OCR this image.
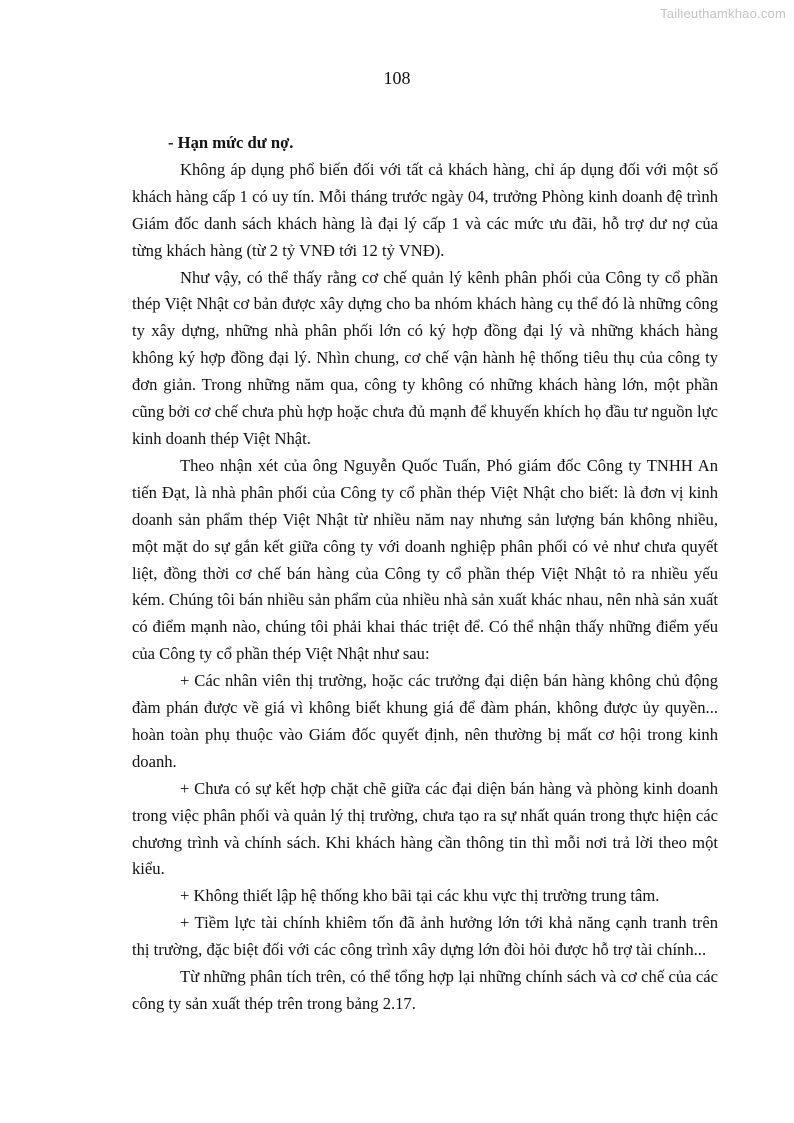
Tailieuthamkhao.com
108

- Hạn mức dư nợ.

Không áp dụng phổ biến đối với tất cả khách hàng, chỉ áp dụng đối với một số khách hàng cấp 1 có uy tín. Mỗi tháng trước ngày 04, trưởng Phòng kinh doanh đệ trình Giám đốc danh sách khách hàng là đại lý cấp 1 và các mức ưu đãi, hỗ trợ dư nợ của từng khách hàng (từ 2 tỷ VNĐ tới 12 tỷ VNĐ).

Như vậy, có thể thấy rằng cơ chế quản lý kênh phân phối của Công ty cổ phần thép Việt Nhật cơ bản được xây dựng cho ba nhóm khách hàng cụ thể đó là những công ty xây dựng, những nhà phân phối lớn có ký hợp đồng đại lý và những khách hàng không ký hợp đồng đại lý. Nhìn chung, cơ chế vận hành hệ thống tiêu thụ của công ty đơn giản. Trong những năm qua, công ty không có những khách hàng lớn, một phần cũng bởi cơ chế chưa phù hợp hoặc chưa đủ mạnh để khuyến khích họ đầu tư nguồn lực kinh doanh thép Việt Nhật.

Theo nhận xét của ông Nguyễn Quốc Tuấn, Phó giám đốc Công ty TNHH An tiến Đạt, là nhà phân phối của Công ty cổ phần thép Việt Nhật cho biết: là đơn vị kinh doanh sản phẩm thép Việt Nhật từ nhiều năm nay nhưng sản lượng bán không nhiều, một mặt do sự gắn kết giữa công ty với doanh nghiệp phân phối có vẻ như chưa quyết liệt, đồng thời cơ chế bán hàng của Công ty cổ phần thép Việt Nhật tỏ ra nhiều yếu kém. Chúng tôi bán nhiều sản phẩm của nhiều nhà sản xuất khác nhau, nên nhà sản xuất có điểm mạnh nào, chúng tôi phải khai thác triệt để. Có thể nhận thấy những điểm yếu của Công ty cổ phần thép Việt Nhật như sau:

+ Các nhân viên thị trường, hoặc các trưởng đại diện bán hàng không chủ động đàm phán được về giá vì không biết khung giá để đàm phán, không được ủy quyền... hoàn toàn phụ thuộc vào Giám đốc quyết định, nên thường bị mất cơ hội trong kinh doanh.

+ Chưa có sự kết hợp chặt chẽ giữa các đại diện bán hàng và phòng kinh doanh trong việc phân phối và quản lý thị trường, chưa tạo ra sự nhất quán trong thực hiện các chương trình và chính sách. Khi khách hàng cần thông tin thì mỗi nơi trả lời theo một kiểu.

+ Không thiết lập hệ thống kho bãi tại các khu vực thị trường trung tâm.

+ Tiềm lực tài chính khiêm tốn đã ảnh hưởng lớn tới khả năng cạnh tranh trên thị trường, đặc biệt đối với các công trình xây dựng lớn đòi hỏi được hỗ trợ tài chính...

Từ những phân tích trên, có thể tổng hợp lại những chính sách và cơ chế của các công ty sản xuất thép trên trong bảng 2.17.
